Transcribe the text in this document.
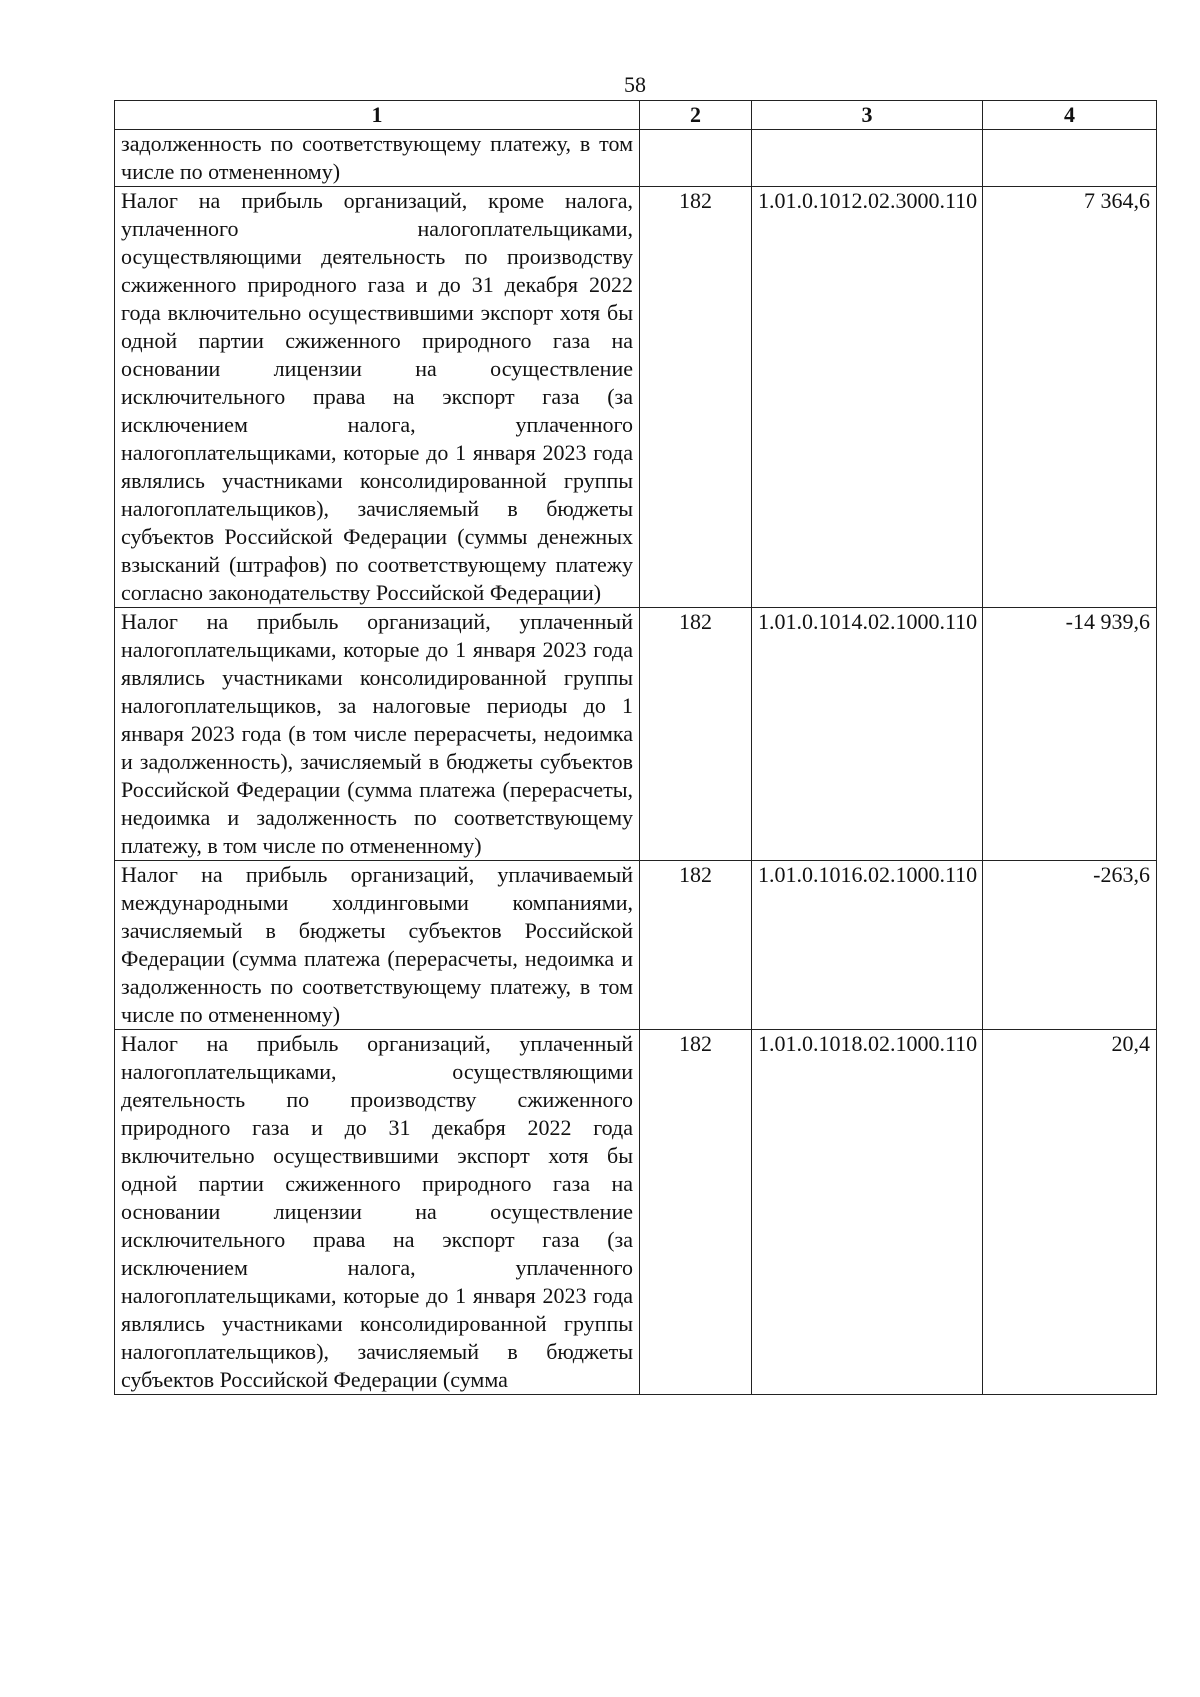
58
1	2	3	4
задолженность по соответствующему платежу, в том числе по отмененному)			
Налог на прибыль организаций, кроме налога, уплаченного налогоплательщиками, осуществляющими деятельность по производству сжиженного природного газа и до 31 декабря 2022 года включительно осуществившими экспорт хотя бы одной партии сжиженного природного газа на основании лицензии на осуществление исключительного права на экспорт газа (за исключением налога, уплаченного налогоплательщиками, которые до 1 января 2023 года являлись участниками консолидированной группы налогоплательщиков), зачисляемый в бюджеты субъектов Российской Федерации (суммы денежных взысканий (штрафов) по соответствующему платежу согласно законодательству Российской Федерации)	182	1.01.0.1012.02.3000.110	7 364,6
Налог на прибыль организаций, уплаченный налогоплательщиками, которые до 1 января 2023 года являлись участниками консолидированной группы налогоплательщиков, за налоговые периоды до 1 января 2023 года (в том числе перерасчеты, недоимка и задолженность), зачисляемый в бюджеты субъектов Российской Федерации (сумма платежа (перерасчеты, недоимка и задолженность по соответствующему платежу, в том числе по отмененному)	182	1.01.0.1014.02.1000.110	-14 939,6
Налог на прибыль организаций, уплачиваемый международными холдинговыми компаниями, зачисляемый в бюджеты субъектов Российской Федерации (сумма платежа (перерасчеты, недоимка и задолженность по соответствующему платежу, в том числе по отмененному)	182	1.01.0.1016.02.1000.110	-263,6
Налог на прибыль организаций, уплаченный налогоплательщиками, осуществляющими деятельность по производству сжиженного природного газа и до 31 декабря 2022 года включительно осуществившими экспорт хотя бы одной партии сжиженного природного газа на основании лицензии на осуществление исключительного права на экспорт газа (за исключением налога, уплаченного налогоплательщиками, которые до 1 января 2023 года являлись участниками консолидированной группы налогоплательщиков), зачисляемый в бюджеты субъектов Российской Федерации (сумма	182	1.01.0.1018.02.1000.110	20,4
